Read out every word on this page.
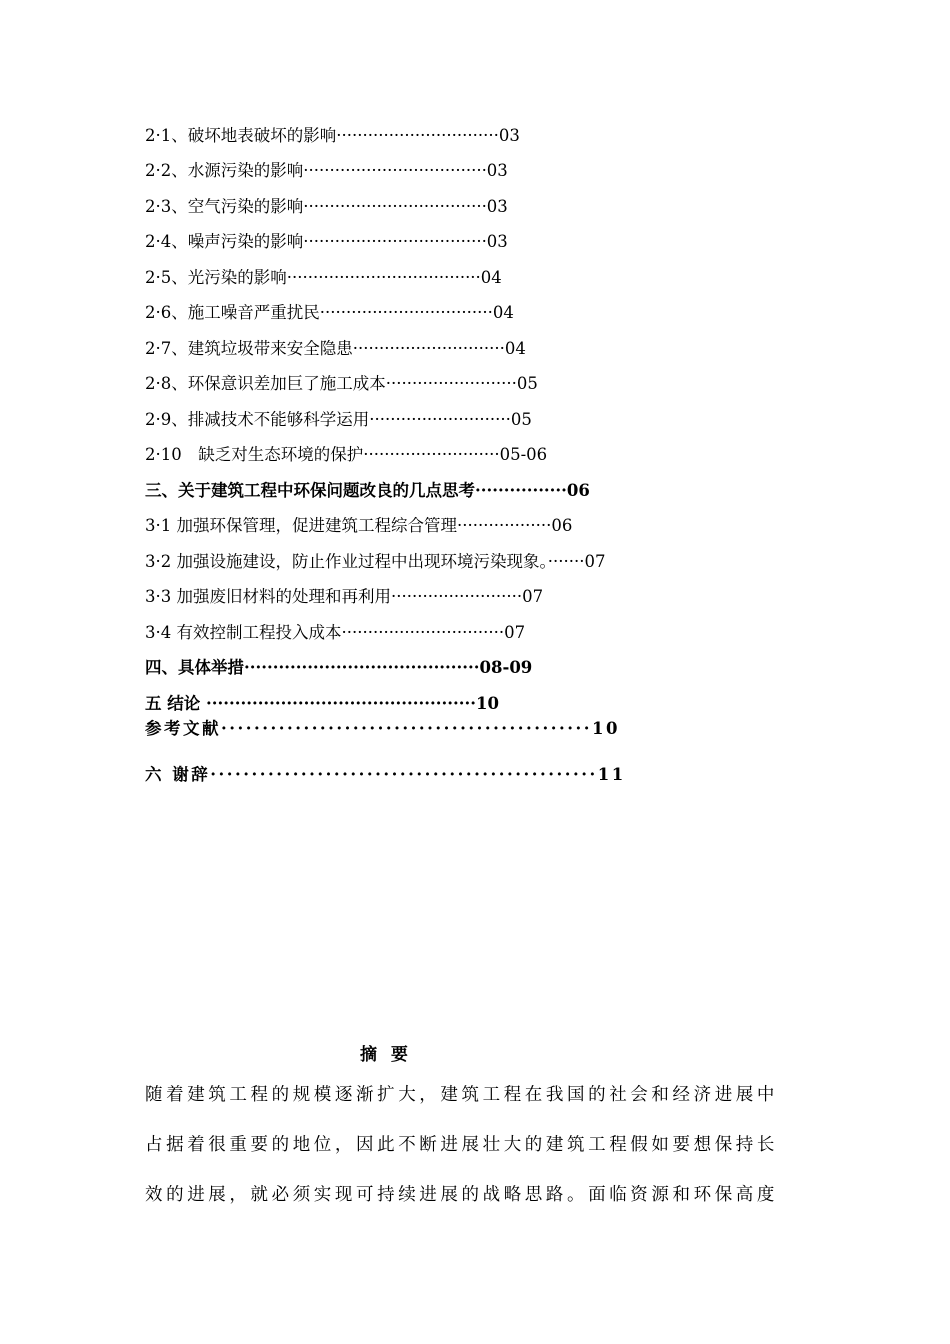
2·1、破坏地表破坏的影响·······························03
2·2、水源污染的影响···································03
2·3、空气污染的影响···································03
2·4、噪声污染的影响···································03
2·5、光污染的影响·····································04
2·6、施工噪音严重扰民·································04
2·7、建筑垃圾带来安全隐患·····························04
2·8、环保意识差加巨了施工成本·························05
2·9、排减技术不能够科学运用···························05
2·10　缺乏对生态环境的保护··························05-06
三、关于建筑工程中环保问题改良的几点思考················06
3·1 加强环保管理，促进建筑工程综合管理··················06
3·2 加强设施建设，防止作业过程中出现环境污染现象。·······07
3·3 加强废旧材料的处理和再利用·························07
3·4 有效控制工程投入成本·······························07
四、具体举措·········································08-09
五 结论 ···············································10
参考文献·············································10
六 谢辞···············································11
摘 要
随着建筑工程的规模逐渐扩大，建筑工程在我国的社会和经济进展中
占据着很重要的地位，因此不断进展壮大的建筑工程假如要想保持长
效的进展，就必须实现可持续进展的战略思路。面临资源和环保高度
